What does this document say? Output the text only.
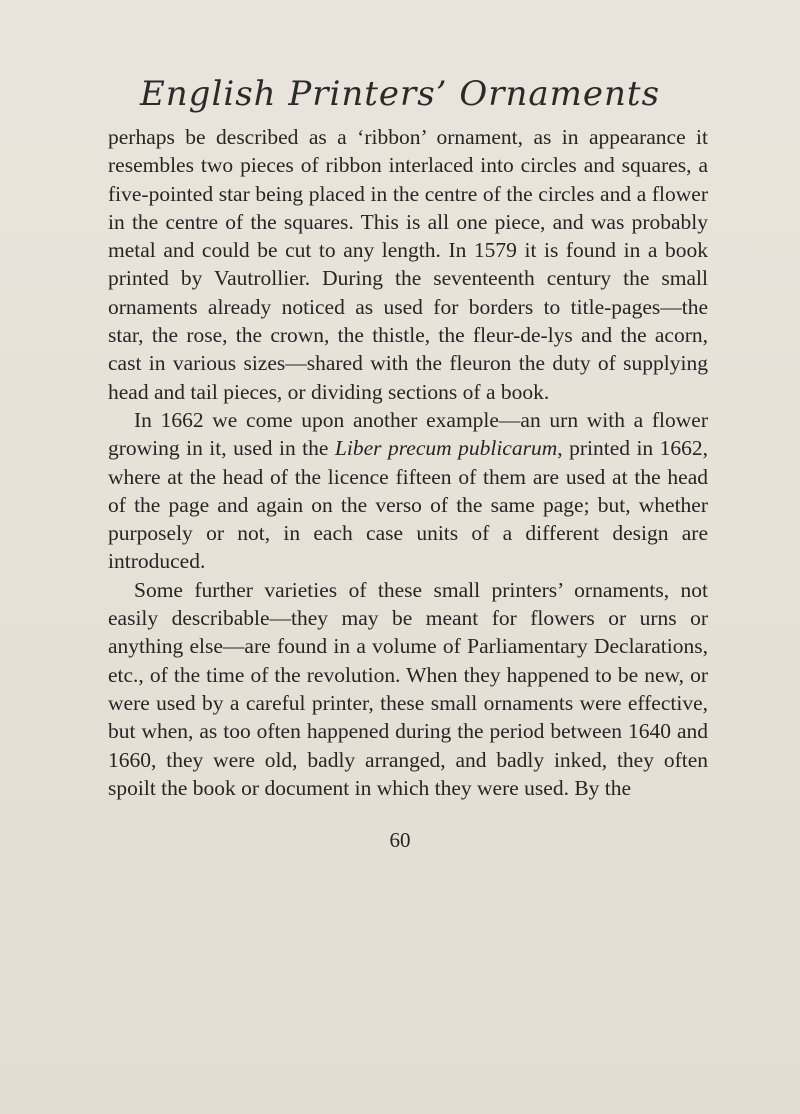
English Printers’ Ornaments

perhaps be described as a ‘ribbon’ ornament, as in appearance it resembles two pieces of ribbon interlaced into circles and squares, a five-pointed star being placed in the centre of the circles and a flower in the centre of the squares. This is all one piece, and was probably metal and could be cut to any length. In 1579 it is found in a book printed by Vautrollier. During the seventeenth century the small ornaments already noticed as used for borders to title-pages—the star, the rose, the crown, the thistle, the fleur-de-lys and the acorn, cast in various sizes—shared with the fleuron the duty of supplying head and tail pieces, or dividing sections of a book.

In 1662 we come upon another example—an urn with a flower growing in it, used in the Liber precum publicarum, printed in 1662, where at the head of the licence fifteen of them are used at the head of the page and again on the verso of the same page; but, whether purposely or not, in each case units of a different design are introduced.

Some further varieties of these small printers’ ornaments, not easily describable—they may be meant for flowers or urns or anything else—are found in a volume of Parliamentary Declarations, etc., of the time of the revolution. When they happened to be new, or were used by a careful printer, these small ornaments were effective, but when, as too often happened during the period between 1640 and 1660, they were old, badly arranged, and badly inked, they often spoilt the book or document in which they were used. By the

60
